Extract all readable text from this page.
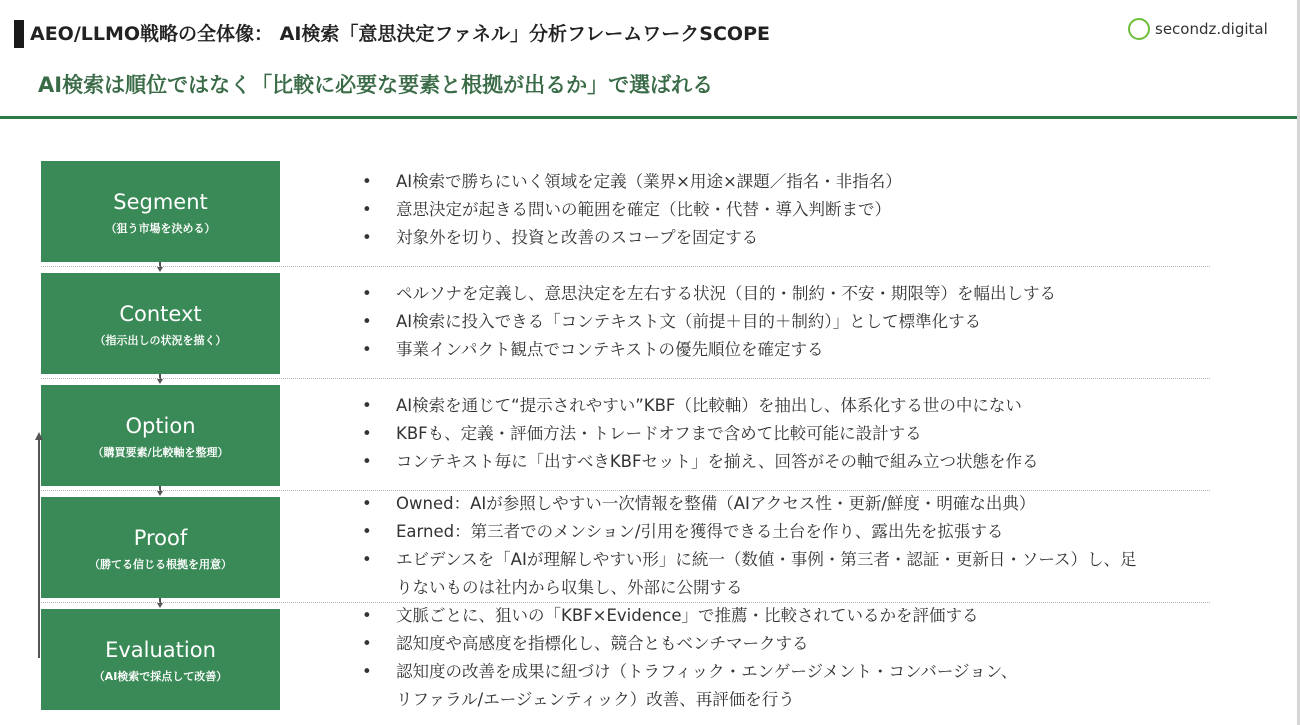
AEO/LLMO戦略の全体像： AI検索「意思決定ファネル」分析フレームワークSCOPE	secondz.digital
AI検索は順位ではなく「比較に必要な要素と根拠が出るか」で選ばれる
Segment
（狙う市場を決める）
Context
（指示出しの状況を描く）
Option
（購買要素/比較軸を整理）
Proof
（勝てる信じる根拠を用意）
Evaluation
（AI検索で採点して改善）
• AI検索で勝ちにいく領域を定義（業界×用途×課題／指名・非指名）
• 意思決定が起きる問いの範囲を確定（比較・代替・導入判断まで）
• 対象外を切り、投資と改善のスコープを固定する
• ペルソナを定義し、意思決定を左右する状況（目的・制約・不安・期限等）を幅出しする
• AI検索に投入できる「コンテキスト文（前提＋目的＋制約）」として標準化する
• 事業インパクト観点でコンテキストの優先順位を確定する
• AI検索を通じて“提示されやすい”KBF（比較軸）を抽出し、体系化する世の中にない
• KBFも、定義・評価方法・トレードオフまで含めて比較可能に設計する
• コンテキスト毎に「出すべきKBFセット」を揃え、回答がその軸で組み立つ状態を作る
• Owned：AIが参照しやすい一次情報を整備（AIアクセス性・更新/鮮度・明確な出典）
• Earned：第三者でのメンション/引用を獲得できる土台を作り、露出先を拡張する
• エビデンスを「AIが理解しやすい形」に統一（数値・事例・第三者・認証・更新日・ソース）し、足
りないものは社内から収集し、外部に公開する
• 文脈ごとに、狙いの「KBF×Evidence」で推薦・比較されているかを評価する
• 認知度や高感度を指標化し、競合ともベンチマークする
• 認知度の改善を成果に紐づけ（トラフィック・エンゲージメント・コンバージョン、
リファラル/エージェンティック）改善、再評価を行う
